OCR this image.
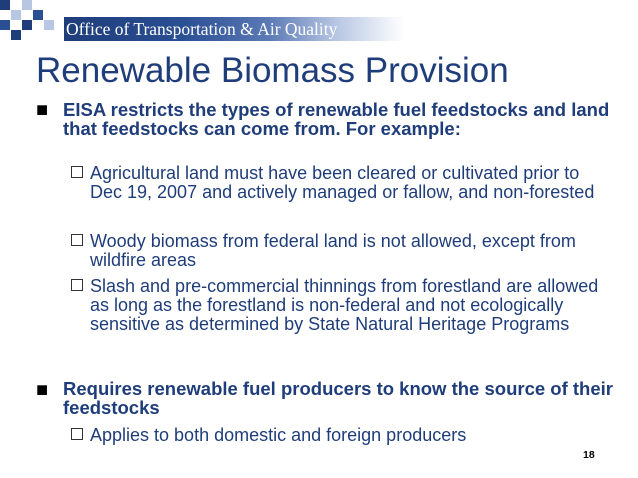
Office of Transportation & Air Quality
Renewable Biomass Provision
■ EISA restricts the types of renewable fuel feedstocks and land that feedstocks can come from. For example:
Agricultural land must have been cleared or cultivated prior to Dec 19, 2007 and actively managed or fallow, and non-forested
Woody biomass from federal land is not allowed, except from wildfire areas
Slash and pre-commercial thinnings from forestland are allowed as long as the forestland is non-federal and not ecologically sensitive as determined by State Natural Heritage Programs
■ Requires renewable fuel producers to know the source of their feedstocks
Applies to both domestic and foreign producers
18
